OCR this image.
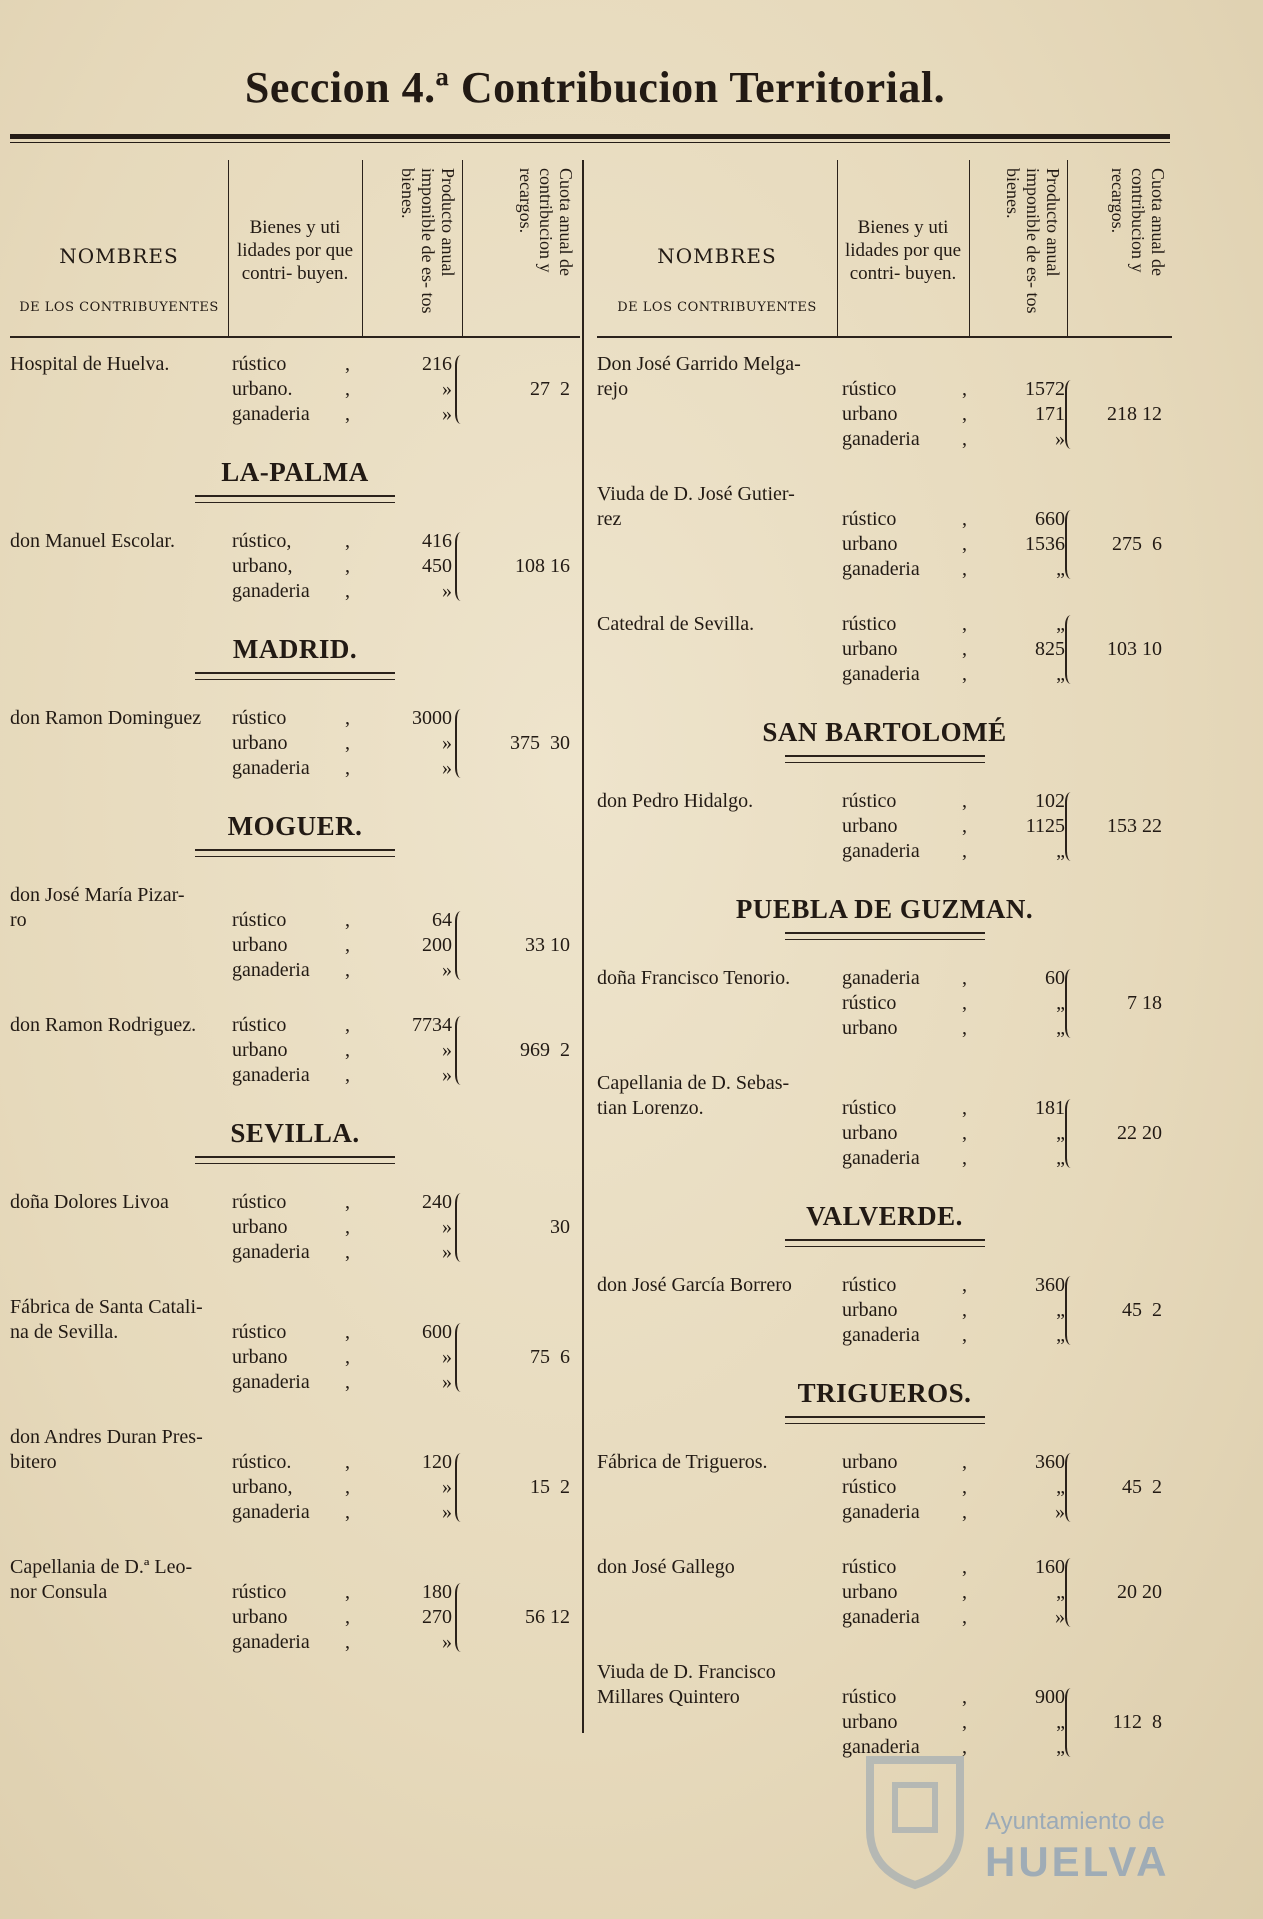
Seccion 4.ª Contribucion Territorial.
NOMBRES
DE LOS CONTRIBUYENTES
Bienes y uti lidades por que contri- buyen.	Producto anual imponible de es- tos bienes.	Cuota anual de contribucion y recargos.
Hospital de Huelva.	rústico	,	216
urbano.	,	»
ganaderia ,	»
27  2
LA-PALMA
don Manuel Escolar.	rústico,	,	416
urbano,	,	450
ganaderia ,	»
108 16
MADRID.
don Ramon Dominguez	rústico	,	3000
urbano	,	»
ganaderia ,	»
375  30
MOGUER.
don José María Pizar-
ro	rústico	,	64
urbano	,	200
ganaderia ,	»
33 10
don Ramon Rodriguez.	rústico	,	7734
urbano	,	»
ganaderia ,	»
969  2
SEVILLA.
doña Dolores Livoa	rústico	,	240
urbano	,	»
ganaderia ,	»
30
Fábrica de Santa Catali-
na de Sevilla.	rústico	,	600
urbano	,	»
ganaderia ,	»
75  6
don Andres Duran Pres-
bitero	rústico.	,	120
urbano,	,	»
ganaderia ,	»
15  2
Capellania de D.ª Leo-
nor Consula	rústico	,	180
urbano	,	270
ganaderia ,	»
56 12
NOMBRES
DE LOS CONTRIBUYENTES
Bienes y uti lidades por que contri- buyen.	Producto anual imponible de es- tos bienes.	Cuota anual de contribucion y recargos.
Don José Garrido Melga-
rejo	rústico	,	1572
urbano	,	171
ganaderia ,	»
218 12
Viuda de D. José Gutier-
rez	rústico	,	660
urbano	,	1536
ganaderia ,	„
275  6
Catedral de Sevilla.	rústico	,	„
urbano	,	825
ganaderia ,	„
103 10
SAN BARTOLOMÉ
don Pedro Hidalgo.	rústico	,	102
urbano	,	1125
ganaderia ,	„
153 22
PUEBLA DE GUZMAN.
doña Francisco Tenorio.	ganaderia ,	60
rústico	,	„
urbano	,	„
7 18
Capellania de D. Sebas-
tian Lorenzo.	rústico	,	181
urbano	,	„
ganaderia ,	„
22 20
VALVERDE.
don José García Borrero	rústico	,	360
urbano	,	„
ganaderia ,	„
45  2
TRIGUEROS.
Fábrica de Trigueros.	urbano	,	360
rústico	,	„
ganaderia ,	»
45  2
don José Gallego	rústico	,	160
urbano	,	„
ganaderia ,	»
20 20
Viuda de D. Francisco
Millares Quintero	rústico	,	900
urbano	,	„
ganaderia ,	„
112  8
Ayuntamiento de
HUELVA
